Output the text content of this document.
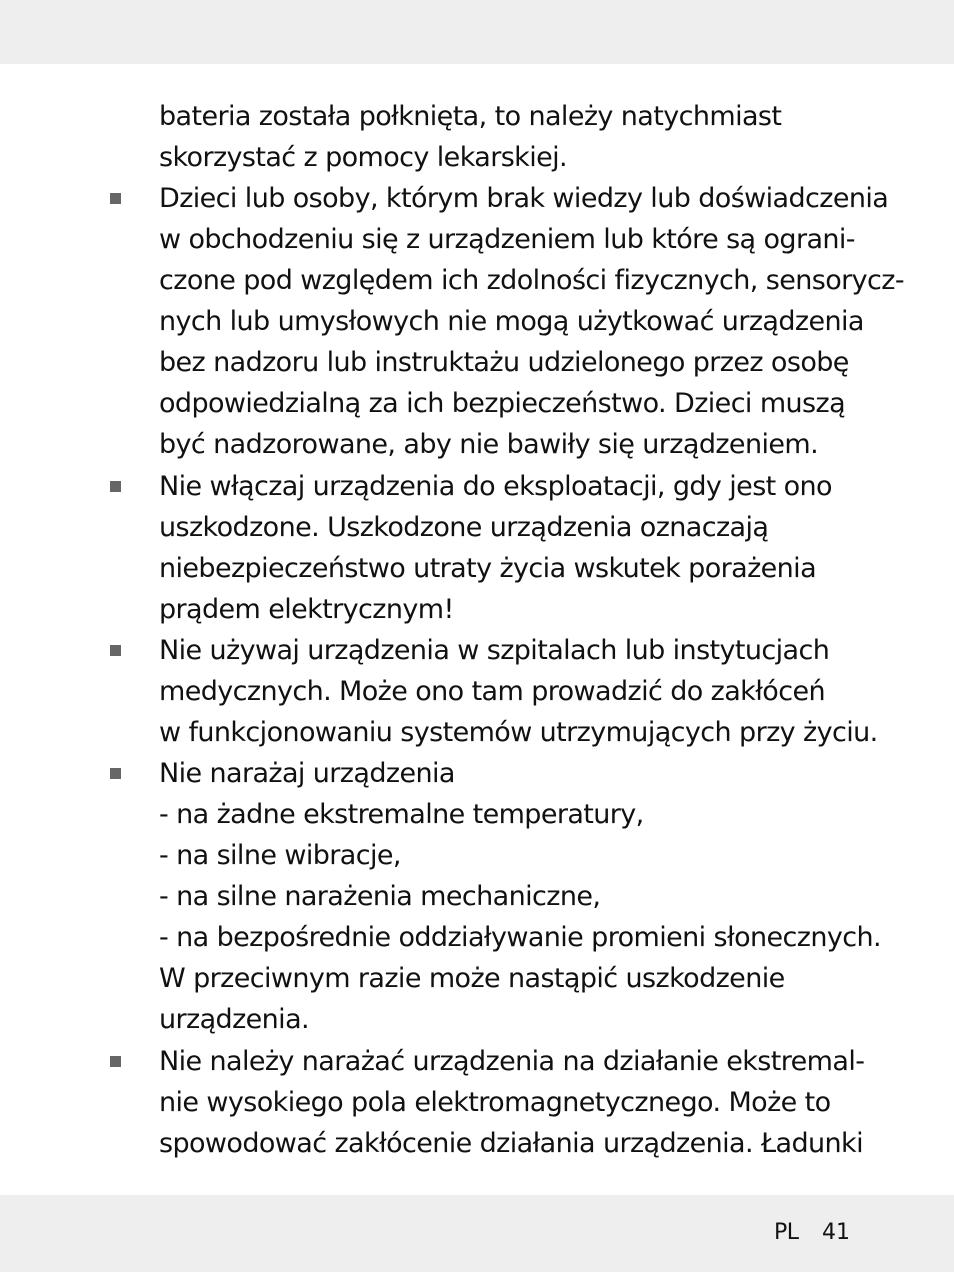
bateria została połknięta, to należy natychmiast
skorzystać z pomocy lekarskiej.
Dzieci lub osoby, którym brak wiedzy lub doświadczenia
w obchodzeniu się z urządzeniem lub które są ograni-
czone pod względem ich zdolności fizycznych, sensorycz-
nych lub umysłowych nie mogą użytkować urządzenia
bez nadzoru lub instruktażu udzielonego przez osobę
odpowiedzialną za ich bezpieczeństwo. Dzieci muszą
być nadzorowane, aby nie bawiły się urządzeniem.
Nie włączaj urządzenia do eksploatacji, gdy jest ono
uszkodzone. Uszkodzone urządzenia oznaczają
niebezpieczeństwo utraty życia wskutek porażenia
prądem elektrycznym!
Nie używaj urządzenia w szpitalach lub instytucjach
medycznych. Może ono tam prowadzić do zakłóceń
w funkcjonowaniu systemów utrzymujących przy życiu.
Nie narażaj urządzenia
- na żadne ekstremalne temperatury,
- na silne wibracje,
- na silne narażenia mechaniczne,
- na bezpośrednie oddziaływanie promieni słonecznych.
W przeciwnym razie może nastąpić uszkodzenie
urządzenia.
Nie należy narażać urządzenia na działanie ekstremal-
nie wysokiego pola elektromagnetycznego. Może to
spowodować zakłócenie działania urządzenia. Ładunki
PL 41
